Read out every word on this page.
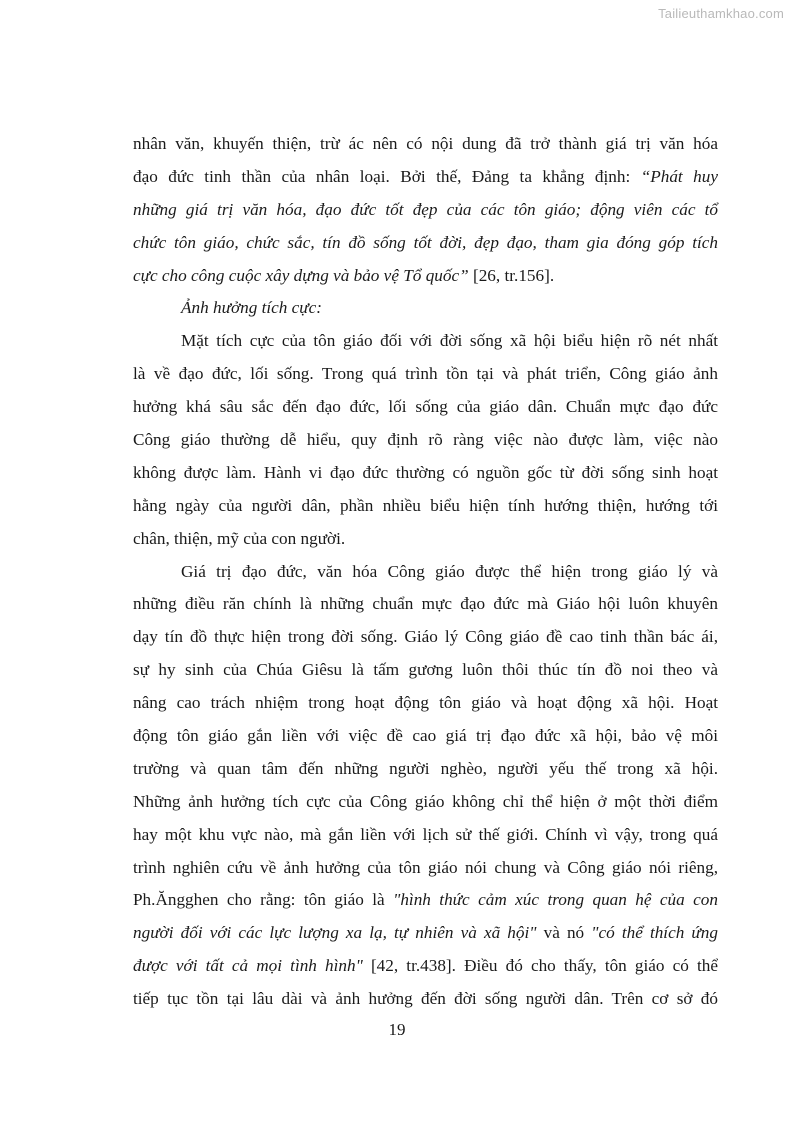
Tailieuthamkhao.com
nhân văn, khuyến thiện, trừ ác nên có nội dung đã trở thành giá trị văn hóa
đạo đức tinh thần của nhân loại. Bởi thế, Đảng ta khẳng định: “Phát huy
những giá trị văn hóa, đạo đức tốt đẹp của các tôn giáo; động viên các tổ
chức tôn giáo, chức sắc, tín đồ sống tốt đời, đẹp đạo, tham gia đóng góp tích
cực cho công cuộc xây dựng và bảo vệ Tổ quốc” [26, tr.156].
Ảnh hưởng tích cực:
Mặt tích cực của tôn giáo đối với đời sống xã hội biểu hiện rõ nét nhất
là về đạo đức, lối sống. Trong quá trình tồn tại và phát triển, Công giáo ảnh
hưởng khá sâu sắc đến đạo đức, lối sống của giáo dân. Chuẩn mực đạo đức
Công giáo thường dễ hiểu, quy định rõ ràng việc nào được làm, việc nào
không được làm. Hành vi đạo đức thường có nguồn gốc từ đời sống sinh hoạt
hằng ngày của người dân, phần nhiều biểu hiện tính hướng thiện, hướng tới
chân, thiện, mỹ của con người.
Giá trị đạo đức, văn hóa Công giáo được thể hiện trong giáo lý và
những điều răn chính là những chuẩn mực đạo đức mà Giáo hội luôn khuyên
dạy tín đồ thực hiện trong đời sống. Giáo lý Công giáo đề cao tinh thần bác ái,
sự hy sinh của Chúa Giêsu là tấm gương luôn thôi thúc tín đồ noi theo và
nâng cao trách nhiệm trong hoạt động tôn giáo và hoạt động xã hội. Hoạt
động tôn giáo gắn liền với việc đề cao giá trị đạo đức xã hội, bảo vệ môi
trường và quan tâm đến những người nghèo, người yếu thế trong xã hội.
Những ảnh hưởng tích cực của Công giáo không chỉ thể hiện ở một thời điểm
hay một khu vực nào, mà gắn liền với lịch sử thế giới. Chính vì vậy, trong quá
trình nghiên cứu về ảnh hưởng của tôn giáo nói chung và Công giáo nói riêng,
Ph.Ăngghen cho rằng: tôn giáo là "hình thức cảm xúc trong quan hệ của con
người đối với các lực lượng xa lạ, tự nhiên và xã hội" và nó "có thể thích ứng
được với tất cả mọi tình hình" [42, tr.438]. Điều đó cho thấy, tôn giáo có thể
tiếp tục tồn tại lâu dài và ảnh hưởng đến đời sống người dân. Trên cơ sở đó
19
